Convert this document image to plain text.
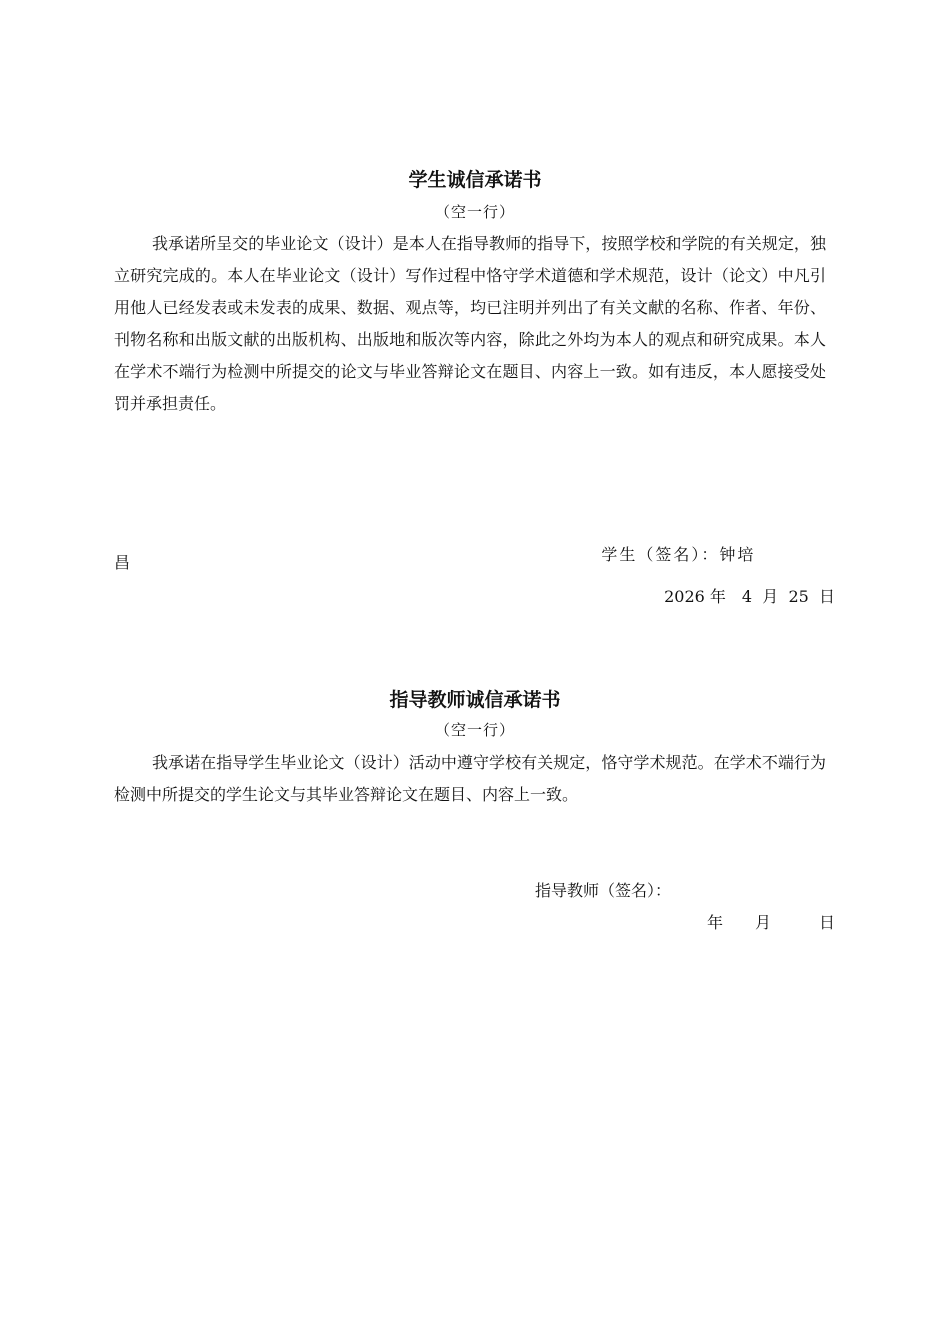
学生诚信承诺书
（空一行）

我承诺所呈交的毕业论文（设计）是本人在指导教师的指导下，按照学校和学院的有关规定，独立研究完成的。本人在毕业论文（设计）写作过程中恪守学术道德和学术规范，设计（论文）中凡引用他人已经发表或未发表的成果、数据、观点等，均已注明并列出了有关文献的名称、作者、年份、刊物名称和出版文献的出版机构、出版地和版次等内容，除此之外均为本人的观点和研究成果。本人在学术不端行为检测中所提交的论文与毕业答辩论文在题目、内容上一致。如有违反，本人愿接受处罚并承担责任。

学生（签名）：钟培

昌
2026 年　4  月  25  日
指导教师诚信承诺书
（空一行）

我承诺在指导学生毕业论文（设计）活动中遵守学校有关规定，恪守学术规范。在学术不端行为检测中所提交的学生论文与其毕业答辩论文在题目、内容上一致。

指导教师（签名）：
年　　月　　　日
